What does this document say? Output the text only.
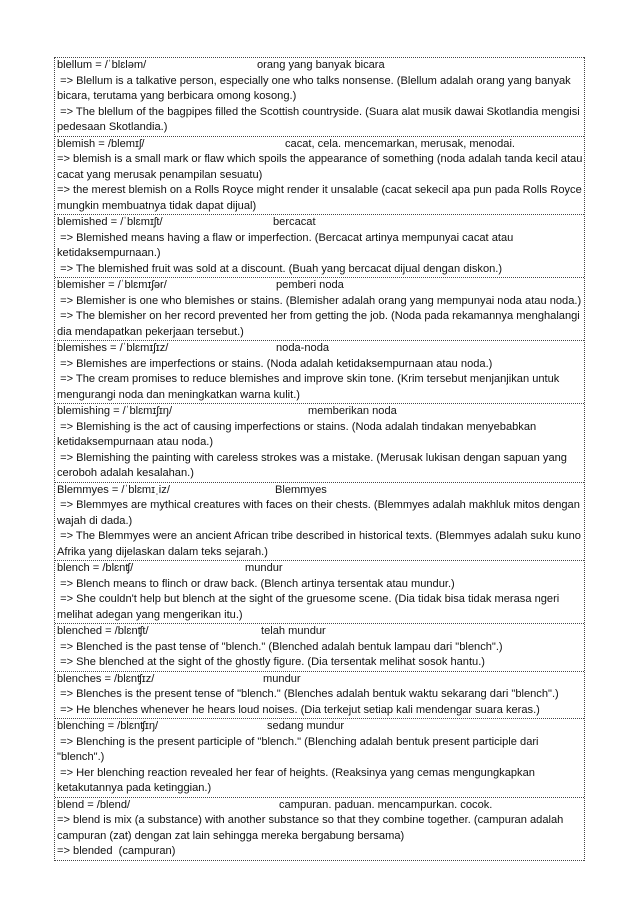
blellum = /ˈblɛləm/	orang yang banyak bicara
=> Blellum is a talkative person, especially one who talks nonsense. (Blellum adalah orang yang banyak bicara, terutama yang berbicara omong kosong.)
=> The blellum of the bagpipes filled the Scottish countryside. (Suara alat musik dawai Skotlandia mengisi pedesaan Skotlandia.)
blemish = /blemɪʃ/	cacat, cela. mencemarkan, merusak, menodai.
=> blemish is a small mark or flaw which spoils the appearance of something (noda adalah tanda kecil atau cacat yang merusak penampilan sesuatu)
=> the merest blemish on a Rolls Royce might render it unsalable (cacat sekecil apa pun pada Rolls Royce mungkin membuatnya tidak dapat dijual)
blemished = /ˈblɛmɪʃt/	bercacat
=> Blemished means having a flaw or imperfection. (Bercacat artinya mempunyai cacat atau ketidaksempurnaan.)
=> The blemished fruit was sold at a discount. (Buah yang bercacat dijual dengan diskon.)
blemisher = /ˈblɛmɪʃər/	pemberi noda
=> Blemisher is one who blemishes or stains. (Blemisher adalah orang yang mempunyai noda atau noda.)
=> The blemisher on her record prevented her from getting the job. (Noda pada rekamannya menghalangi dia mendapatkan pekerjaan tersebut.)
blemishes = /ˈblɛmɪʃɪz/	noda-noda
=> Blemishes are imperfections or stains. (Noda adalah ketidaksempurnaan atau noda.)
=> The cream promises to reduce blemishes and improve skin tone. (Krim tersebut menjanjikan untuk mengurangi noda dan meningkatkan warna kulit.)
blemishing = /ˈblɛmɪʃɪŋ/	memberikan noda
=> Blemishing is the act of causing imperfections or stains. (Noda adalah tindakan menyebabkan ketidaksempurnaan atau noda.)
=> Blemishing the painting with careless strokes was a mistake. (Merusak lukisan dengan sapuan yang ceroboh adalah kesalahan.)
Blemmyes = /ˈblɛmɪˌiz/	Blemmyes
=> Blemmyes are mythical creatures with faces on their chests. (Blemmyes adalah makhluk mitos dengan wajah di dada.)
=> The Blemmyes were an ancient African tribe described in historical texts. (Blemmyes adalah suku kuno Afrika yang dijelaskan dalam teks sejarah.)
blench = /blɛnʧ/	mundur
=> Blench means to flinch or draw back. (Blench artinya tersentak atau mundur.)
=> She couldn't help but blench at the sight of the gruesome scene. (Dia tidak bisa tidak merasa ngeri melihat adegan yang mengerikan itu.)
blenched = /blɛnʧt/	telah mundur
=> Blenched is the past tense of "blench." (Blenched adalah bentuk lampau dari "blench".)
=> She blenched at the sight of the ghostly figure. (Dia tersentak melihat sosok hantu.)
blenches = /blɛnʧɪz/	mundur
=> Blenches is the present tense of "blench." (Blenches adalah bentuk waktu sekarang dari "blench".)
=> He blenches whenever he hears loud noises. (Dia terkejut setiap kali mendengar suara keras.)
blenching = /blɛnʧɪŋ/	sedang mundur
=> Blenching is the present participle of "blench." (Blenching adalah bentuk present participle dari "blench".)
=> Her blenching reaction revealed her fear of heights. (Reaksinya yang cemas mengungkapkan ketakutannya pada ketinggian.)
blend = /blend/	campuran. paduan. mencampurkan. cocok.
=> blend is mix (a substance) with another substance so that they combine together. (campuran adalah campuran (zat) dengan zat lain sehingga mereka bergabung bersama)
=> blended  (campuran)
